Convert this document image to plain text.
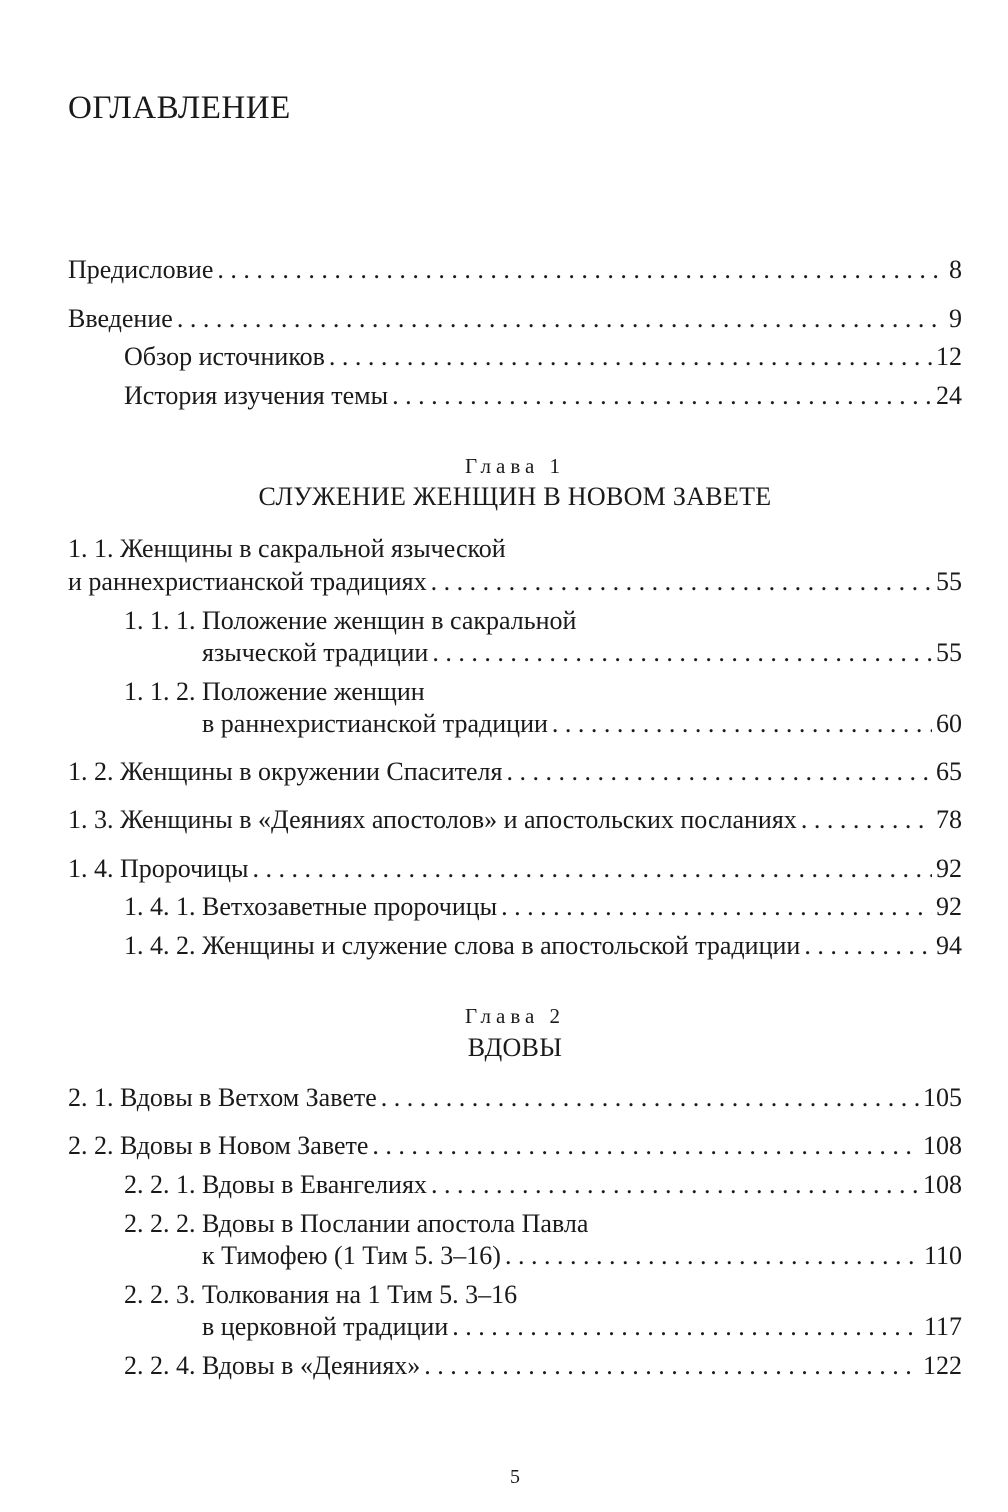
ОГЛАВЛЕНИЕ
Предисловие . . .	8
Введение . . .	9
Обзор источников . . .	12
История изучения темы . . .	24
Глава 1
СЛУЖЕНИЕ ЖЕНЩИН В НОВОМ ЗАВЕТЕ
1. 1. Женщины в сакральной языческой
и раннехристианской традициях . . .	55
1. 1. 1. Положение женщин в сакральной
языческой традиции . . .	55
1. 1. 2. Положение женщин
в раннехристианской традиции . . .	60
1. 2. Женщины в окружении Спасителя . . .	65
1. 3. Женщины в «Деяниях апостолов» и апостольских посланиях . . .	78
1. 4. Пророчицы . . .	92
1. 4. 1. Ветхозаветные пророчицы . . .	92
1. 4. 2. Женщины и служение слова в апостольской традиции . . .	94
Глава 2
ВДОВЫ
2. 1. Вдовы в Ветхом Завете . . .	105
2. 2. Вдовы в Новом Завете . . .	108
2. 2. 1. Вдовы в Евангелиях . . .	108
2. 2. 2. Вдовы в Послании апостола Павла
к Тимофею (1 Тим 5. 3–16) . . .	110
2. 2. 3. Толкования на 1 Тим 5. 3–16
в церковной традиции . . .	117
2. 2. 4. Вдовы в «Деяниях» . . .	122
5
